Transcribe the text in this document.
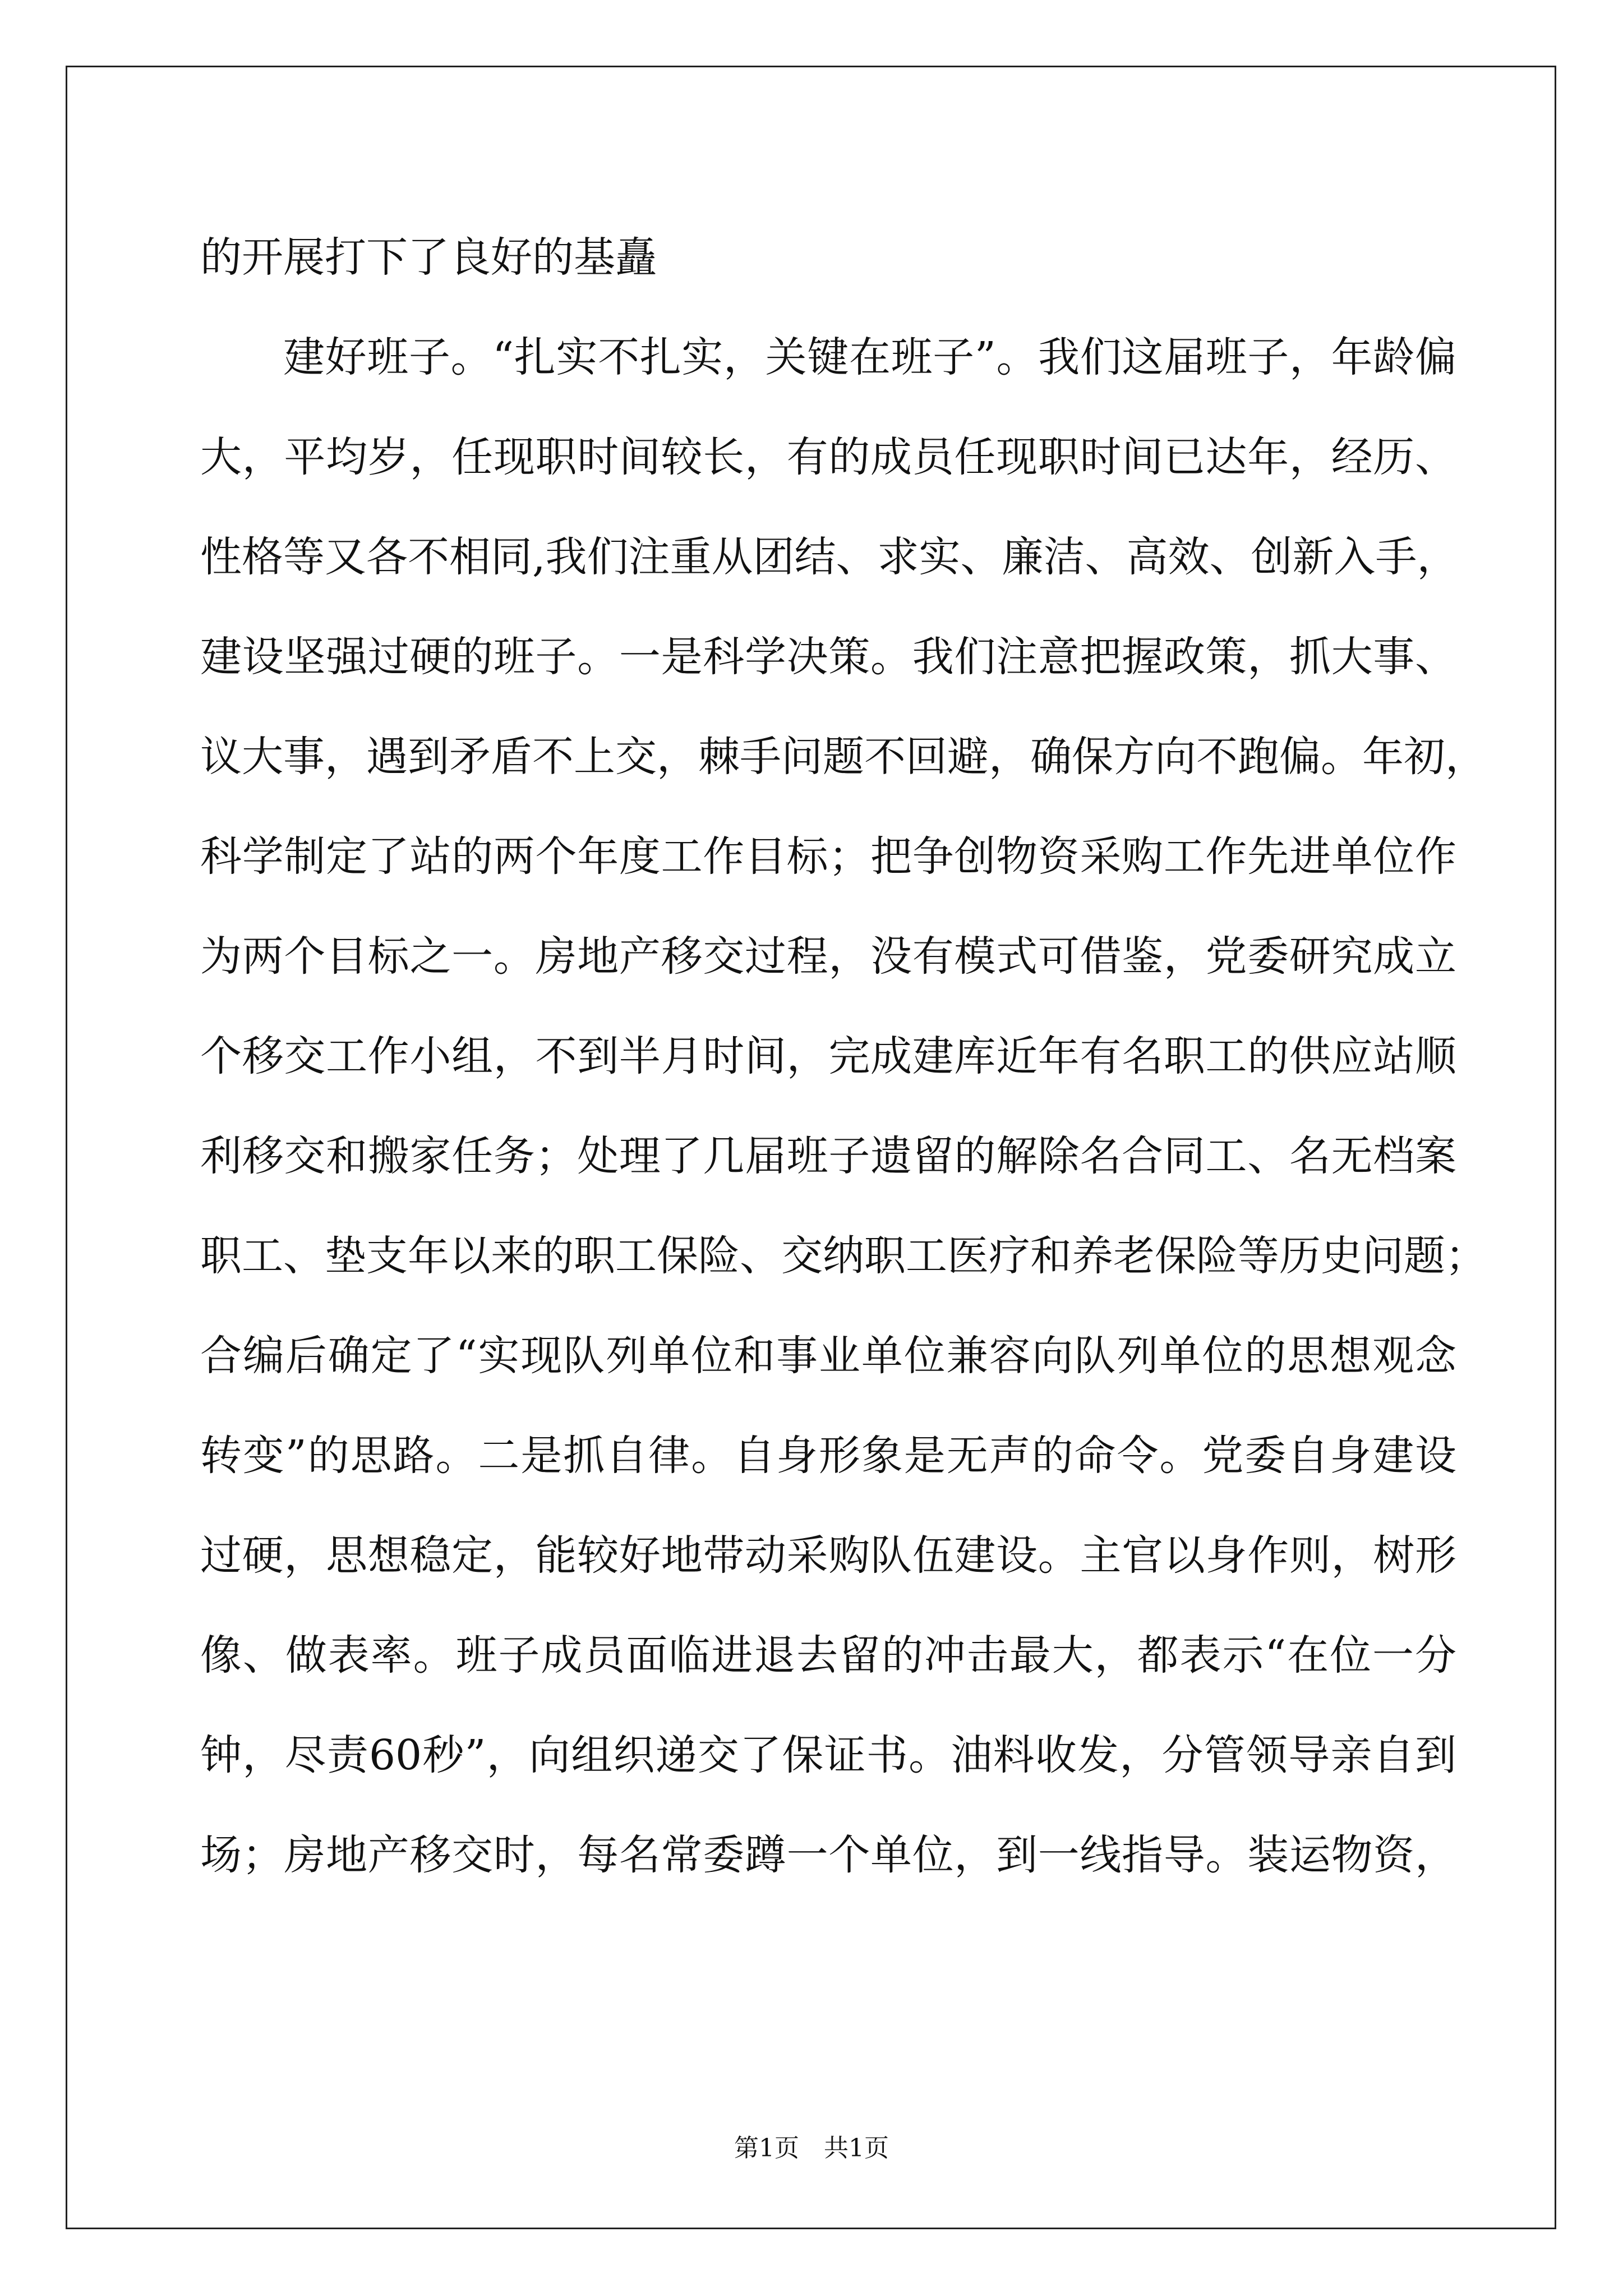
的开展打下了良好的基矗
建好班子。“扎实不扎实，关键在班子”。我们这届班子，年龄偏
大，平均岁，任现职时间较长，有的成员任现职时间已达年，经历、
性格等又各不相同,我们注重从团结、求实、廉洁、高效、创新入手，
建设坚强过硬的班子。一是科学决策。我们注意把握政策，抓大事、
议大事，遇到矛盾不上交，棘手问题不回避，确保方向不跑偏。年初，
科学制定了站的两个年度工作目标；把争创物资采购工作先进单位作
为两个目标之一。房地产移交过程，没有模式可借鉴，党委研究成立
个移交工作小组，不到半月时间，完成建库近年有名职工的供应站顺
利移交和搬家任务；处理了几届班子遗留的解除名合同工、名无档案
职工、垫支年以来的职工保险、交纳职工医疗和养老保险等历史问题；
合编后确定了“实现队列单位和事业单位兼容向队列单位的思想观念
转变”的思路。二是抓自律。自身形象是无声的命令。党委自身建设
过硬，思想稳定，能较好地带动采购队伍建设。主官以身作则，树形
像、做表率。班子成员面临进退去留的冲击最大，都表示“在位一分
钟，尽责60秒”，向组织递交了保证书。油料收发，分管领导亲自到
场；房地产移交时，每名常委蹲一个单位，到一线指导。装运物资，
第1页　共1页
